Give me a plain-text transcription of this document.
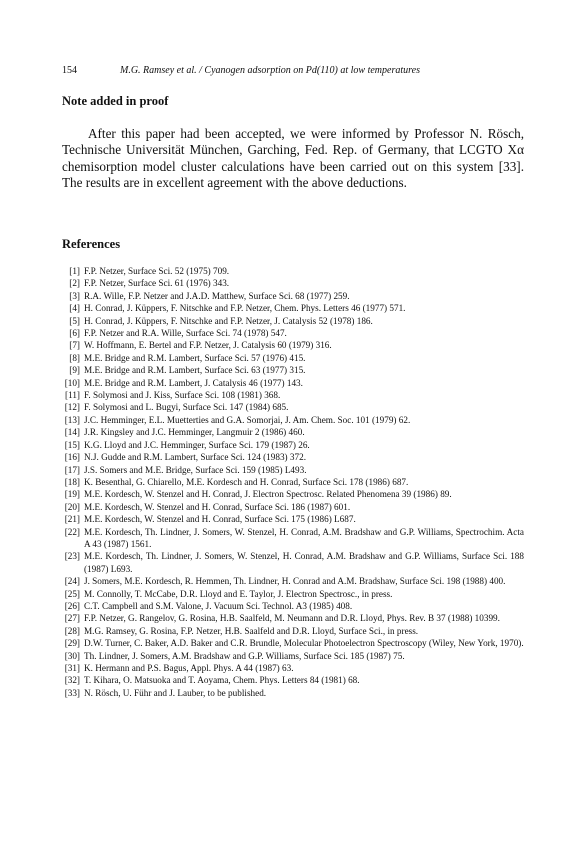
154	M.G. Ramsey et al. / Cyanogen adsorption on Pd(110) at low temperatures
Note added in proof

After this paper had been accepted, we were informed by Professor N. Rösch, Technische Universität München, Garching, Fed. Rep. of Germany, that LCGTO Xα chemisorption model cluster calculations have been carried out on this system [33]. The results are in excellent agreement with the above deductions.

References
[1] F.P. Netzer, Surface Sci. 52 (1975) 709.
[2] F.P. Netzer, Surface Sci. 61 (1976) 343.
[3] R.A. Wille, F.P. Netzer and J.A.D. Matthew, Surface Sci. 68 (1977) 259.
[4] H. Conrad, J. Küppers, F. Nitschke and F.P. Netzer, Chem. Phys. Letters 46 (1977) 571.
[5] H. Conrad, J. Küppers, F. Nitschke and F.P. Netzer, J. Catalysis 52 (1978) 186.
[6] F.P. Netzer and R.A. Wille, Surface Sci. 74 (1978) 547.
[7] W. Hoffmann, E. Bertel and F.P. Netzer, J. Catalysis 60 (1979) 316.
[8] M.E. Bridge and R.M. Lambert, Surface Sci. 57 (1976) 415.
[9] M.E. Bridge and R.M. Lambert, Surface Sci. 63 (1977) 315.
[10] M.E. Bridge and R.M. Lambert, J. Catalysis 46 (1977) 143.
[11] F. Solymosi and J. Kiss, Surface Sci. 108 (1981) 368.
[12] F. Solymosi and L. Bugyi, Surface Sci. 147 (1984) 685.
[13] J.C. Hemminger, E.L. Muetterties and G.A. Somorjai, J. Am. Chem. Soc. 101 (1979) 62.
[14] J.R. Kingsley and J.C. Hemminger, Langmuir 2 (1986) 460.
[15] K.G. Lloyd and J.C. Hemminger, Surface Sci. 179 (1987) 26.
[16] N.J. Gudde and R.M. Lambert, Surface Sci. 124 (1983) 372.
[17] J.S. Somers and M.E. Bridge, Surface Sci. 159 (1985) L493.
[18] K. Besenthal, G. Chiarello, M.E. Kordesch and H. Conrad, Surface Sci. 178 (1986) 687.
[19] M.E. Kordesch, W. Stenzel and H. Conrad, J. Electron Spectrosc. Related Phenomena 39 (1986) 89.
[20] M.E. Kordesch, W. Stenzel and H. Conrad, Surface Sci. 186 (1987) 601.
[21] M.E. Kordesch, W. Stenzel and H. Conrad, Surface Sci. 175 (1986) L687.
[22] M.E. Kordesch, Th. Lindner, J. Somers, W. Stenzel, H. Conrad, A.M. Bradshaw and G.P. Williams, Spectrochim. Acta A 43 (1987) 1561.
[23] M.E. Kordesch, Th. Lindner, J. Somers, W. Stenzel, H. Conrad, A.M. Bradshaw and G.P. Williams, Surface Sci. 188 (1987) L693.
[24] J. Somers, M.E. Kordesch, R. Hemmen, Th. Lindner, H. Conrad and A.M. Bradshaw, Surface Sci. 198 (1988) 400.
[25] M. Connolly, T. McCabe, D.R. Lloyd and E. Taylor, J. Electron Spectrosc., in press.
[26] C.T. Campbell and S.M. Valone, J. Vacuum Sci. Technol. A3 (1985) 408.
[27] F.P. Netzer, G. Rangelov, G. Rosina, H.B. Saalfeld, M. Neumann and D.R. Lloyd, Phys. Rev. B 37 (1988) 10399.
[28] M.G. Ramsey, G. Rosina, F.P. Netzer, H.B. Saalfeld and D.R. Lloyd, Surface Sci., in press.
[29] D.W. Turner, C. Baker, A.D. Baker and C.R. Brundle, Molecular Photoelectron Spectroscopy (Wiley, New York, 1970).
[30] Th. Lindner, J. Somers, A.M. Bradshaw and G.P. Williams, Surface Sci. 185 (1987) 75.
[31] K. Hermann and P.S. Bagus, Appl. Phys. A 44 (1987) 63.
[32] T. Kihara, O. Matsuoka and T. Aoyama, Chem. Phys. Letters 84 (1981) 68.
[33] N. Rösch, U. Führ and J. Lauber, to be published.
